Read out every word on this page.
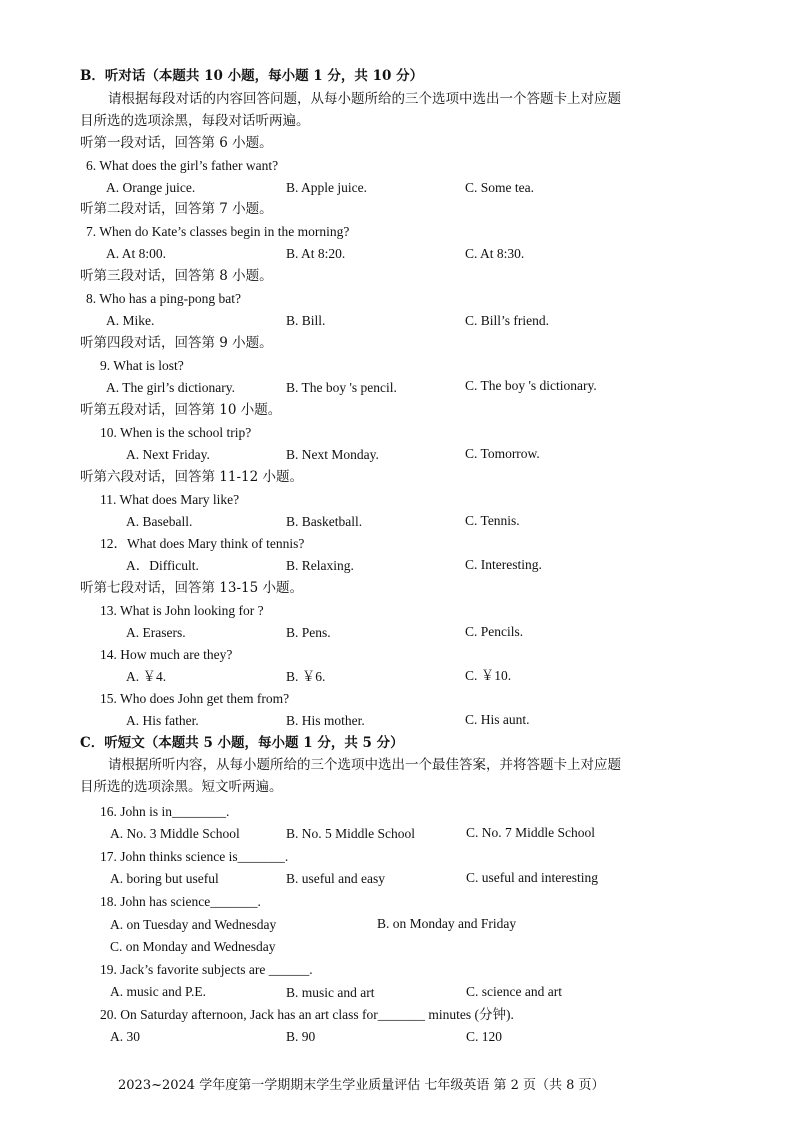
B．听对话（本题共 10 小题，每小题 1 分，共 10 分）
请根据每段对话的内容回答问题，从每小题所给的三个选项中选出一个答题卡上对应题
目所选的选项涂黑，每段对话听两遍。
听第一段对话，回答第 6 小题。
6. What does the girl’s father want?
A. Orange juice.	B. Apple juice.	C. Some tea.
听第二段对话，回答第 7 小题。
7. When do Kate’s classes begin in the morning?
A. At 8:00.	B. At 8:20.	C. At 8:30.
听第三段对话，回答第 8 小题。
8. Who has a ping-pong bat?
A. Mike.	B. Bill.	C. Bill’s friend.
听第四段对话，回答第 9 小题。
9. What is lost?
A. The girl’s dictionary.	B. The boy 's pencil.	C. The boy 's dictionary.
听第五段对话，回答第 10 小题。
10. When is the school trip?
A. Next Friday.	B. Next Monday.	C. Tomorrow.
听第六段对话，回答第 11-12 小题。
11. What does Mary like?
A. Baseball.	B. Basketball.	C. Tennis.
12．What does Mary think of tennis?
A．Difficult.	B. Relaxing.	C. Interesting.
听第七段对话，回答第 13-15 小题。
13. What is John looking for ?
A. Erasers.	B. Pens.	C. Pencils.
14. How much are they?
A. ￥4.	B. ￥6.	C. ￥10.
15. Who does John get them from?
A. His father.	B. His mother.	C. His aunt.
C．听短文（本题共 5 小题，每小题 1 分，共 5 分）
请根据所听内容，从每小题所给的三个选项中选出一个最佳答案，并将答题卡上对应题
目所选的选项涂黑。短文听两遍。
16. John is in________.
A. No. 3 Middle School	B. No. 5 Middle School	C. No. 7 Middle School
17. John thinks science is_______.
A. boring but useful	B. useful and easy	C. useful and interesting
18. John has science_______.
A. on Tuesday and Wednesday	B. on Monday and Friday
C. on Monday and Wednesday
19. Jack’s favorite subjects are ______.
A. music and P.E.	B. music and art	C. science and art
20. On Saturday afternoon, Jack has an art class for_______ minutes (分钟).
A. 30	B. 90	C. 120
2023~2024 学年度第一学期期末学生学业质量评估 七年级英语 第 2 页（共 8 页）
